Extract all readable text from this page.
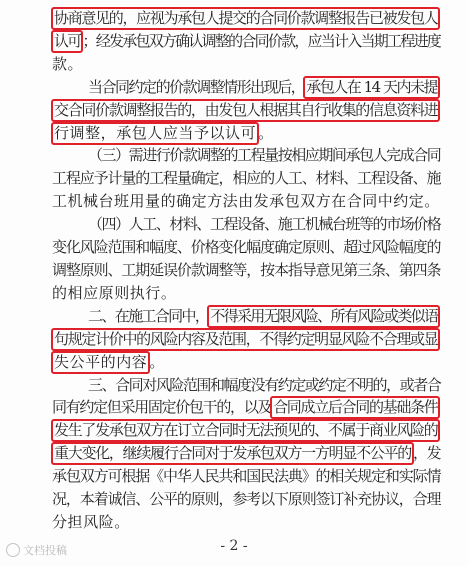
协商意见的，应视为承包人提交的合同价款调整报告已被发包人
认可 ；经发承包双方确认调整的合同价款，应当计入当期工程进度
款。
当合同约定的价款调整情形出现后， 承包人在 14 天内未提
交合同价款调整报告的，由发包人根据其自行收集的信息资料进
行调整，承包人应当予以认可 。
（三）需进行价款调整的工程量按相应期间承包人完成合同
工程应予计量的工程量确定，相应的人工、材料、工程设备、施
工机械台班用量的确定方法由发承包双方在合同中约定。
（四）人工、材料、工程设备、施工机械台班等的市场价格
变化风险范围和幅度、价格变化幅度确定原则、超过风险幅度的
调整原则、工期延误价款调整等，按本指导意见第三条、第四条
的相应原则执行。
二、在施工合同中， 不得采用无限风险、所有风险或类似语
句规定计价中的风险内容及范围，不得约定明显风险不合理或显
失公平的内容 。
三、合同对风险范围和幅度没有约定或约定不明的，或者合
同有约定但采用固定价包干的，以及 合同成立后合同的基础条件
发生了发承包双方在订立合同时无法预见的、不属于商业风险的
重大变化，继续履行合同对于发承包双方一方明显不公平的 ，发
承包双方可根据《中华人民共和国民法典》的相关规定和实际情
况，本着诚信、公平的原则，参考以下原则签订补充协议，合理
分担风险。
- 2 -
文档投稿
